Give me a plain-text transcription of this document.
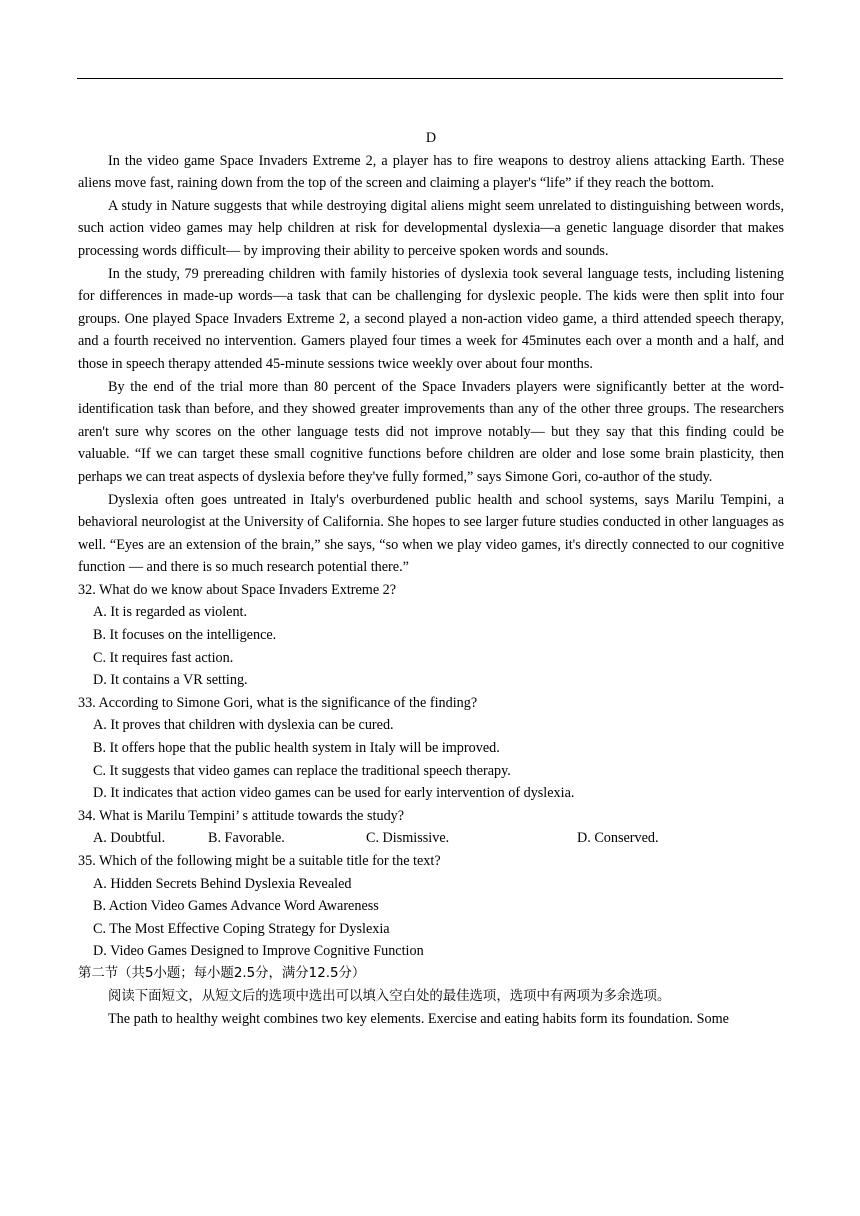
D

In the video game Space Invaders Extreme 2, a player has to fire weapons to destroy aliens attacking Earth. These aliens move fast, raining down from the top of the screen and claiming a player's “life” if they reach the bottom.

A study in Nature suggests that while destroying digital aliens might seem unrelated to distinguishing between words, such action video games may help children at risk for developmental dyslexia—a genetic language disorder that makes processing words difficult— by improving their ability to perceive spoken words and sounds.

In the study, 79 prereading children with family histories of dyslexia took several language tests, including listening for differences in made-up words—a task that can be challenging for dyslexic people. The kids were then split into four groups. One played Space Invaders Extreme 2, a second played a non-action video game, a third attended speech therapy, and a fourth received no intervention. Gamers played four times a week for 45minutes each over a month and a half, and those in speech therapy attended 45-minute sessions twice weekly over about four months.

By the end of the trial more than 80 percent of the Space Invaders players were significantly better at the word-identification task than before, and they showed greater improvements than any of the other three groups. The researchers aren't sure why scores on the other language tests did not improve notably— but they say that this finding could be valuable. “If we can target these small cognitive functions before children are older and lose some brain plasticity, then perhaps we can treat aspects of dyslexia before they've fully formed,” says Simone Gori, co-author of the study.

Dyslexia often goes untreated in Italy's overburdened public health and school systems, says Marilu Tempini, a behavioral neurologist at the University of California. She hopes to see larger future studies conducted in other languages as well. “Eyes are an extension of the brain,” she says, “so when we play video games, it's directly connected to our cognitive function — and there is so much research potential there.”

32. What do we know about Space Invaders Extreme 2?

A. It is regarded as violent.

B. It focuses on the intelligence.

C. It requires fast action.

D. It contains a VR setting.

33. According to Simone Gori, what is the significance of the finding?

A. It proves that children with dyslexia can be cured.

B. It offers hope that the public health system in Italy will be improved.

C. It suggests that video games can replace the traditional speech therapy.

D. It indicates that action video games can be used for early intervention of dyslexia.

34. What is Marilu Tempini’ s attitude towards the study?

A. Doubtful.	B. Favorable.	C. Dismissive.	D. Conserved.

35. Which of the following might be a suitable title for the text?

A. Hidden Secrets Behind Dyslexia Revealed

B. Action Video Games Advance Word Awareness

C. The Most Effective Coping Strategy for Dyslexia

D. Video Games Designed to Improve Cognitive Function

第二节（共5小题；每小题2.5分，满分12.5分）

阅读下面短文，从短文后的选项中选出可以填入空白处的最佳选项，选项中有两项为多余选项。

The path to healthy weight combines two key elements. Exercise and eating habits form its foundation. Some
